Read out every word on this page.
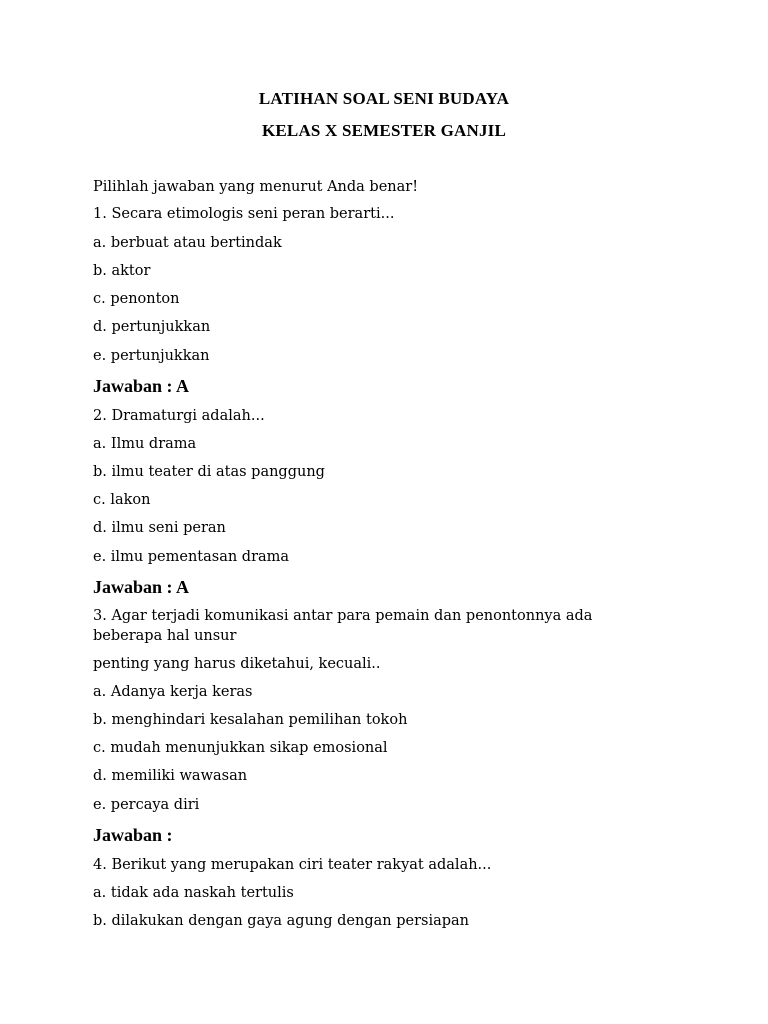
LATIHAN SOAL SENI BUDAYA
KELAS X SEMESTER GANJIL
Pilihlah jawaban yang menurut Anda benar!
1. Secara etimologis seni peran berarti...
a. berbuat atau bertindak
b. aktor
c. penonton
d. pertunjukkan
e. pertunjukkan
Jawaban : A
2. Dramaturgi adalah...
a. Ilmu drama
b. ilmu teater di atas panggung
c. lakon
d. ilmu seni peran
e. ilmu pementasan drama
Jawaban : A
3. Agar terjadi komunikasi antar para pemain dan penontonnya ada
beberapa hal unsur
penting yang harus diketahui, kecuali..
a. Adanya kerja keras
b. menghindari kesalahan pemilihan tokoh
c. mudah menunjukkan sikap emosional
d. memiliki wawasan
e. percaya diri
Jawaban :
4. Berikut yang merupakan ciri teater rakyat adalah...
a. tidak ada naskah tertulis
b. dilakukan dengan gaya agung dengan persiapan
